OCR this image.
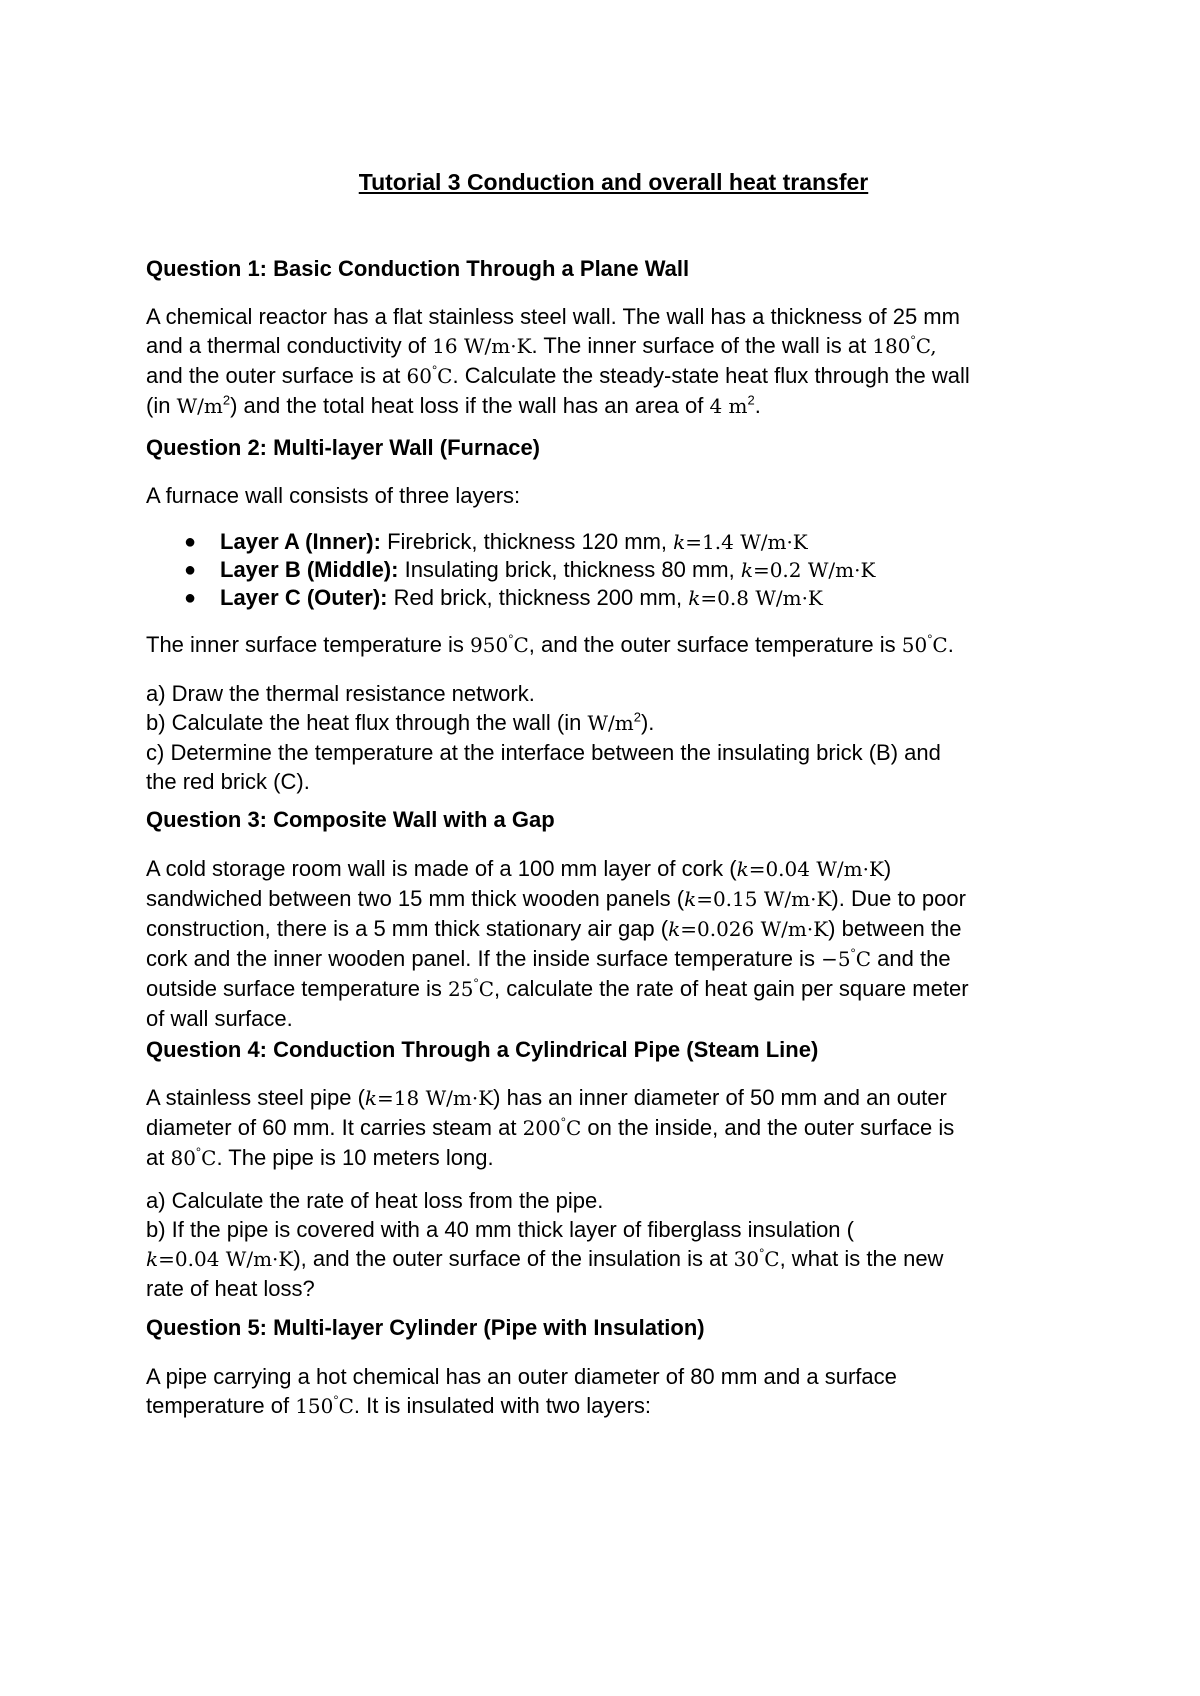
Tutorial 3 Conduction and overall heat transfer
Question 1: Basic Conduction Through a Plane Wall
A chemical reactor has a flat stainless steel wall. The wall has a thickness of 25 mm
and a thermal conductivity of 16 W/m·K. The inner surface of the wall is at 180°C,
and the outer surface is at 60°C. Calculate the steady-state heat flux through the wall
(in $W/m^2$) and the total heat loss if the wall has an area of 4 $m^2$.
Question 2: Multi-layer Wall (Furnace)
A furnace wall consists of three layers:
● Layer A (Inner): Firebrick, thickness 120 mm, k=1.4 W/m·K
● Layer B (Middle): Insulating brick, thickness 80 mm, k=0.2 W/m·K
● Layer C (Outer): Red brick, thickness 200 mm, k=0.8 W/m·K
The inner surface temperature is 950°C, and the outer surface temperature is 50°C.
a) Draw the thermal resistance network.
b) Calculate the heat flux through the wall (in $W/m^2$).
c) Determine the temperature at the interface between the insulating brick (B) and
the red brick (C).
Question 3: Composite Wall with a Gap
A cold storage room wall is made of a 100 mm layer of cork (k=0.04 W/m·K)
sandwiched between two 15 mm thick wooden panels (k=0.15 W/m·K). Due to poor
construction, there is a 5 mm thick stationary air gap (k=0.026 W/m·K) between the
cork and the inner wooden panel. If the inside surface temperature is −5°C and the
outside surface temperature is 25°C, calculate the rate of heat gain per square meter
of wall surface.
Question 4: Conduction Through a Cylindrical Pipe (Steam Line)
A stainless steel pipe (k=18 W/m·K) has an inner diameter of 50 mm and an outer
diameter of 60 mm. It carries steam at 200°C on the inside, and the outer surface is
at 80°C. The pipe is 10 meters long.
a) Calculate the rate of heat loss from the pipe.
b) If the pipe is covered with a 40 mm thick layer of fiberglass insulation (
k=0.04 W/m·K), and the outer surface of the insulation is at 30°C, what is the new
rate of heat loss?
Question 5: Multi-layer Cylinder (Pipe with Insulation)
A pipe carrying a hot chemical has an outer diameter of 80 mm and a surface
temperature of 150°C. It is insulated with two layers:
